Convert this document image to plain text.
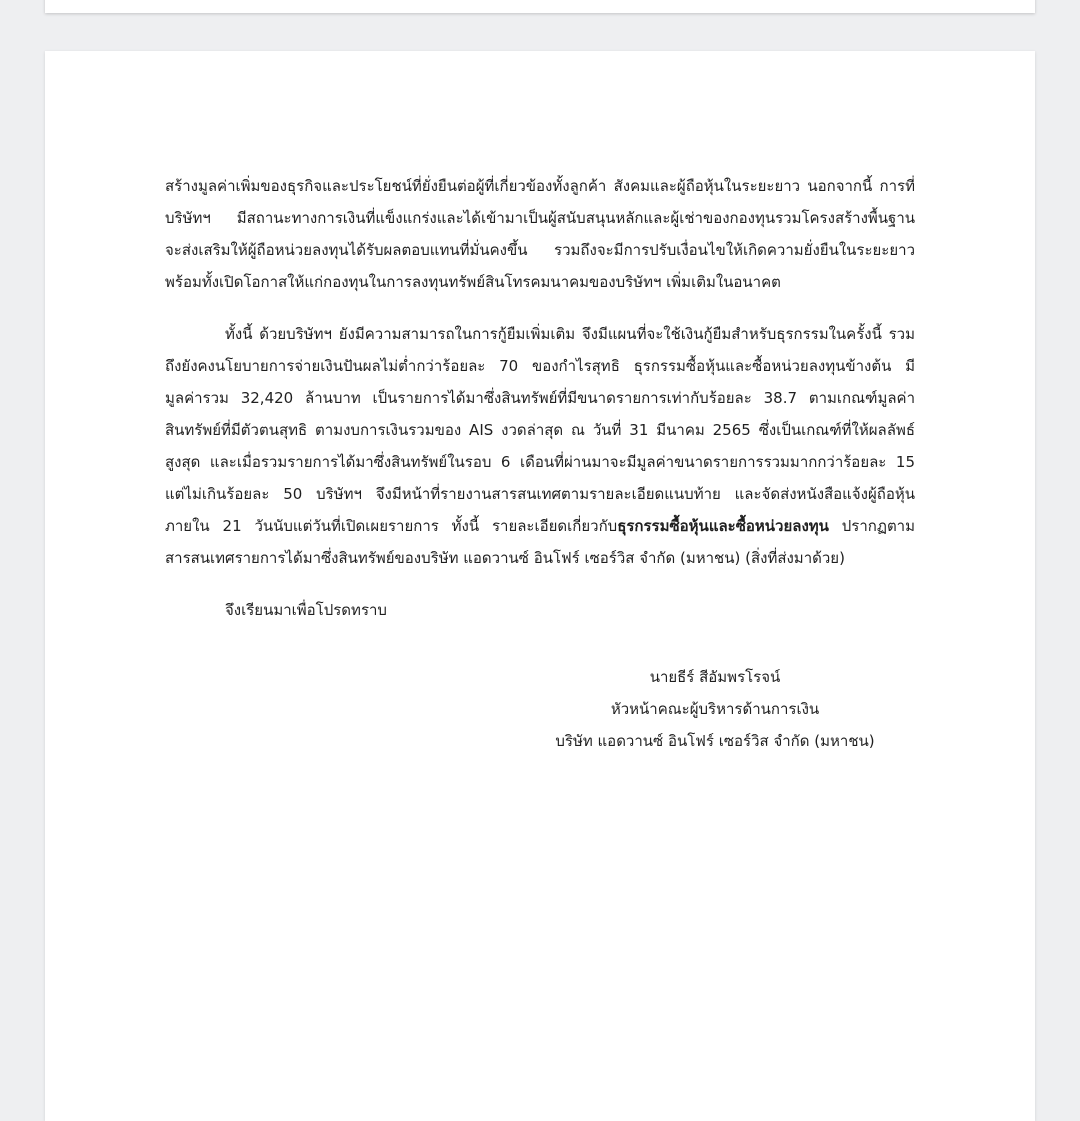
สร้างมูลค่าเพิ่มของธุรกิจและประโยชน์ที่ยั่งยืนต่อผู้ที่เกี่ยวข้องทั้งลูกค้า สังคมและผู้ถือหุ้นในระยะยาว นอกจากนี้ การที่บริษัทฯ มีสถานะทางการเงินที่แข็งแกร่งและได้เข้ามาเป็นผู้สนับสนุนหลักและผู้เช่าของกองทุนรวมโครงสร้างพื้นฐาน จะส่งเสริมให้ผู้ถือหน่วยลงทุนได้รับผลตอบแทนที่มั่นคงขึ้น รวมถึงจะมีการปรับเงื่อนไขให้เกิดความยั่งยืนในระยะยาว พร้อมทั้งเปิดโอกาสให้แก่กองทุนในการลงทุนทรัพย์สินโทรคมนาคมของบริษัทฯ เพิ่มเติมในอนาคต

ทั้งนี้ ด้วยบริษัทฯ ยังมีความสามารถในการกู้ยืมเพิ่มเติม จึงมีแผนที่จะใช้เงินกู้ยืมสำหรับธุรกรรมในครั้งนี้ รวมถึงยังคงนโยบายการจ่ายเงินปันผลไม่ต่ำกว่าร้อยละ 70 ของกำไรสุทธิ ธุรกรรมซื้อหุ้นและซื้อหน่วยลงทุนข้างต้น มีมูลค่ารวม 32,420 ล้านบาท เป็นรายการได้มาซึ่งสินทรัพย์ที่มีขนาดรายการเท่ากับร้อยละ 38.7 ตามเกณฑ์มูลค่าสินทรัพย์ที่มีตัวตนสุทธิ ตามงบการเงินรวมของ AIS งวดล่าสุด ณ วันที่ 31 มีนาคม 2565 ซึ่งเป็นเกณฑ์ที่ให้ผลลัพธ์สูงสุด และเมื่อรวมรายการได้มาซึ่งสินทรัพย์ในรอบ 6 เดือนที่ผ่านมาจะมีมูลค่าขนาดรายการรวมมากกว่าร้อยละ 15 แต่ไม่เกินร้อยละ 50 บริษัทฯ จึงมีหน้าที่รายงานสารสนเทศตามรายละเอียดแนบท้าย และจัดส่งหนังสือแจ้งผู้ถือหุ้นภายใน 21 วันนับแต่วันที่เปิดเผยรายการ ทั้งนี้ รายละเอียดเกี่ยวกับธุรกรรมซื้อหุ้นและซื้อหน่วยลงทุน ปรากฏตามสารสนเทศรายการได้มาซึ่งสินทรัพย์ของบริษัท แอดวานซ์ อินโฟร์ เซอร์วิส จำกัด (มหาชน) (สิ่งที่ส่งมาด้วย)

จึงเรียนมาเพื่อโปรดทราบ

นายธีร์ สีอัมพรโรจน์
หัวหน้าคณะผู้บริหารด้านการเงิน
บริษัท แอดวานซ์ อินโฟร์ เซอร์วิส จำกัด (มหาชน)
